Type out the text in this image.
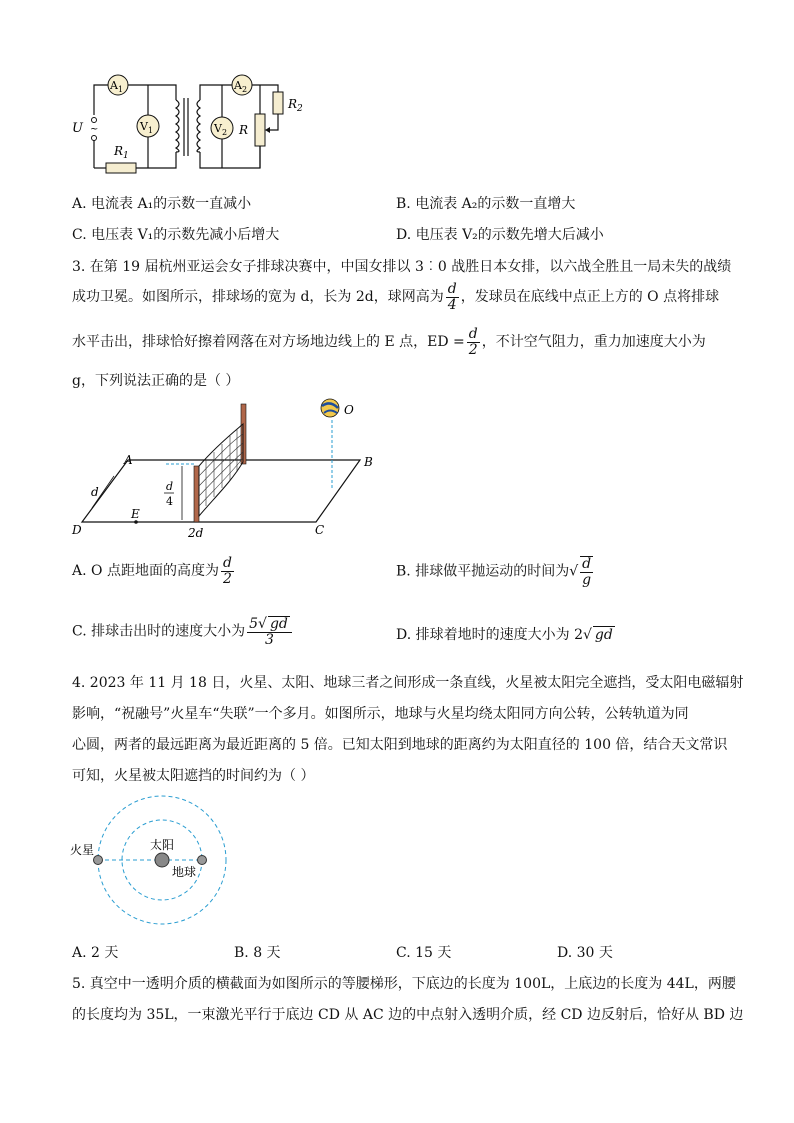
~
U
$R_1$
$A_1$
$V_1$
$A_2$
$V_2$
$R_2$
R
A. 电流表 A₁的示数一直减小	B. 电流表 A₂的示数一直增大
C. 电压表 V₁的示数先减小后增大	D. 电压表 V₂的示数先增大后减小
3. 在第 19 届杭州亚运会女子排球决赛中，中国女排以 3︰0 战胜日本女排，以六战全胜且一局未失的战绩
成功卫冕。如图所示，排球场的宽为 d，长为 2d，球网高为 $\frac{d}{4}$ ，发球员在底线中点正上方的 O 点将排球
水平击出，排球恰好擦着网落在对方场地边线上的 E 点，ED = $\frac{d}{2}$ ，不计空气阻力，重力加速度大小为
g，下列说法正确的是（ ）
A	B
C
D
E
O
d	d
4
2d
A. O 点距地面的高度为 $\frac{d}{2}$	B. 排球做平抛运动的时间为√ $\frac{d}{g}$
C. 排球击出时的速度大小为 $\frac{5√ gd}{3}$	D. 排球着地时的速度大小为 2√ gd
4. 2023 年 11 月 18 日，火星、太阳、地球三者之间形成一条直线，火星被太阳完全遮挡，受太阳电磁辐射
影响，“祝融号”火星车“失联”一个多月。如图所示，地球与火星均绕太阳同方向公转，公转轨道为同
心圆，两者的最远距离为最近距离的 5 倍。已知太阳到地球的距离约为太阳直径的 100 倍，结合天文常识
可知，火星被太阳遮挡的时间约为（ ）
火星	太阳
地球
A. 2 天	B. 8 天	C. 15 天	D. 30 天
5. 真空中一透明介质的横截面为如图所示的等腰梯形，下底边的长度为 100L，上底边的长度为 44L，两腰
的长度均为 35L，一束激光平行于底边 CD 从 AC 边的中点射入透明介质，经 CD 边反射后，恰好从 BD 边
